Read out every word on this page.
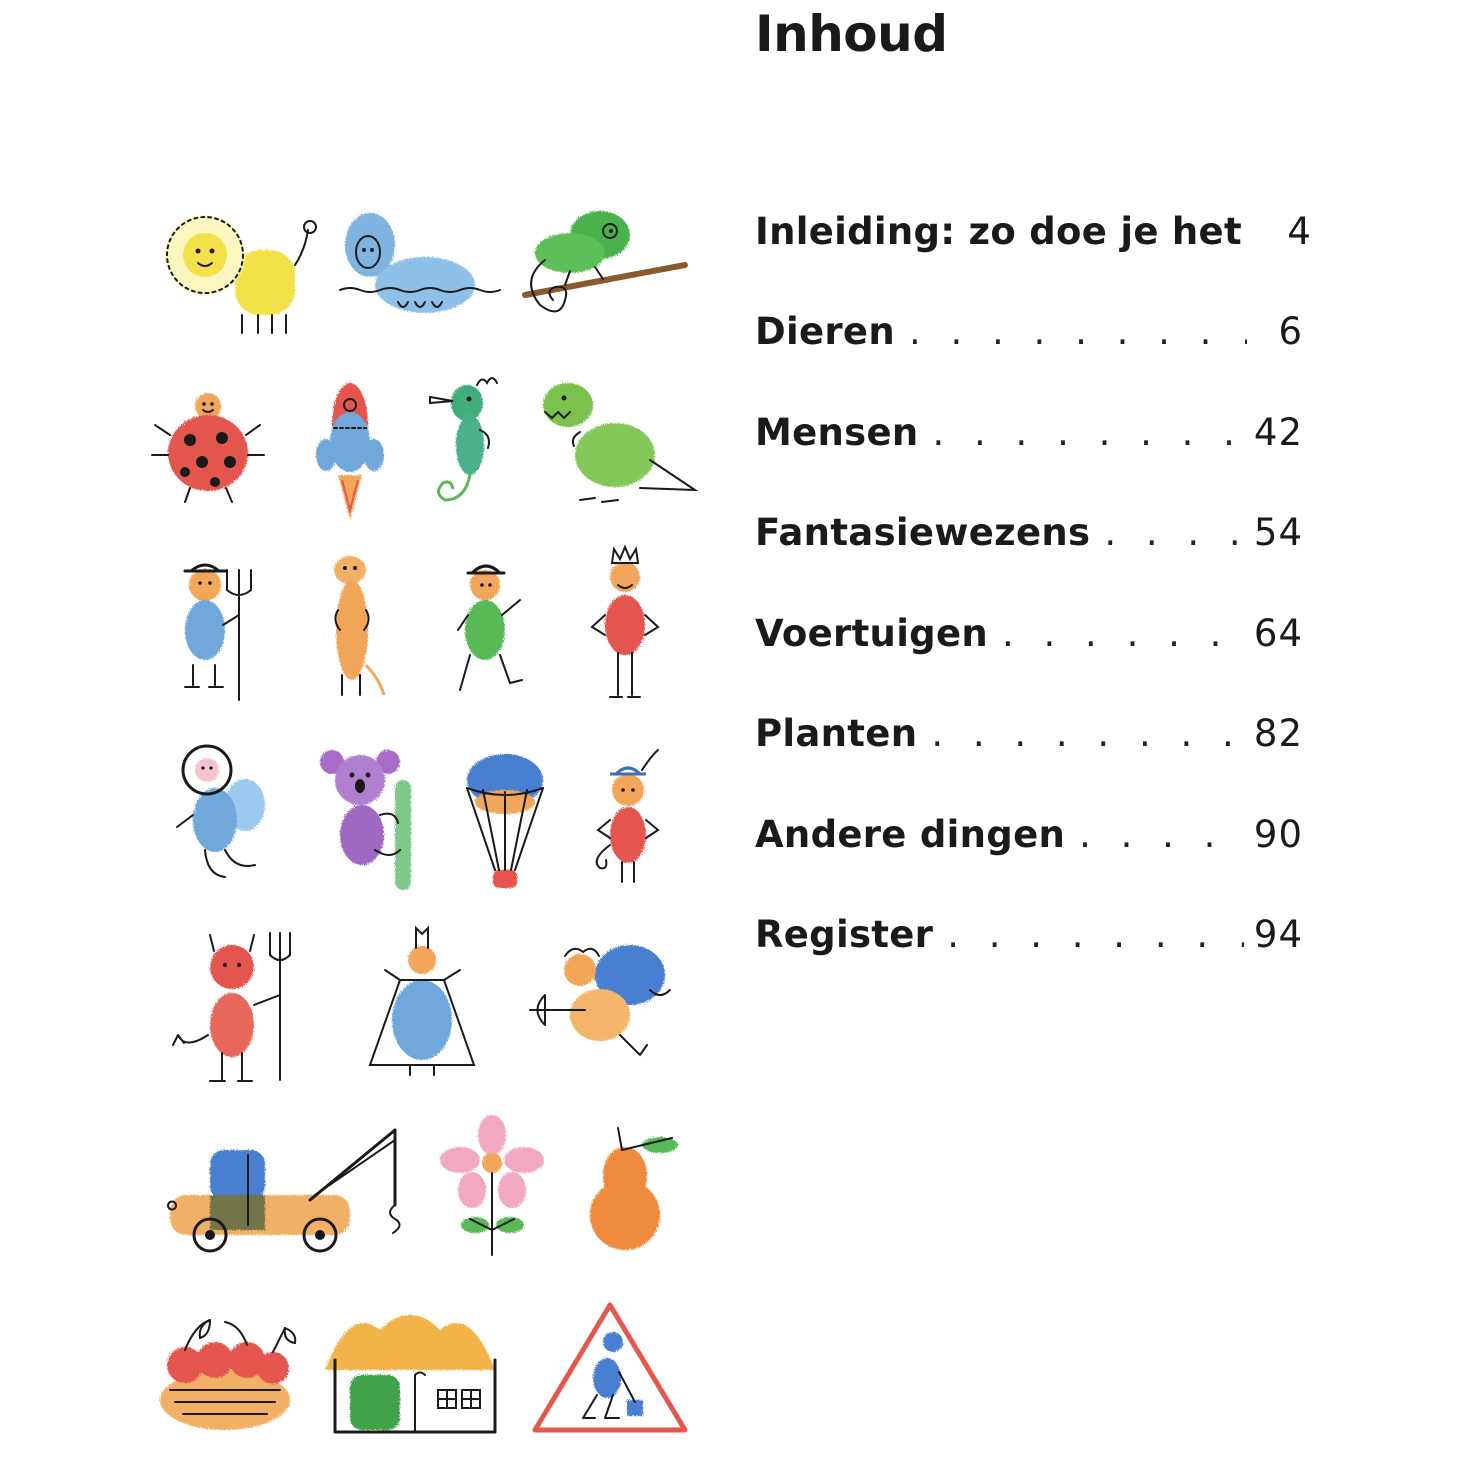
Inhoud
Inleiding: zo doe je het	4
Dieren . . .	6
Mensen . . .	42
Fantasiewezens . . .	54
Voertuigen . . .	64
Planten . . .	82
Andere dingen . . .	90
Register . . .	94
